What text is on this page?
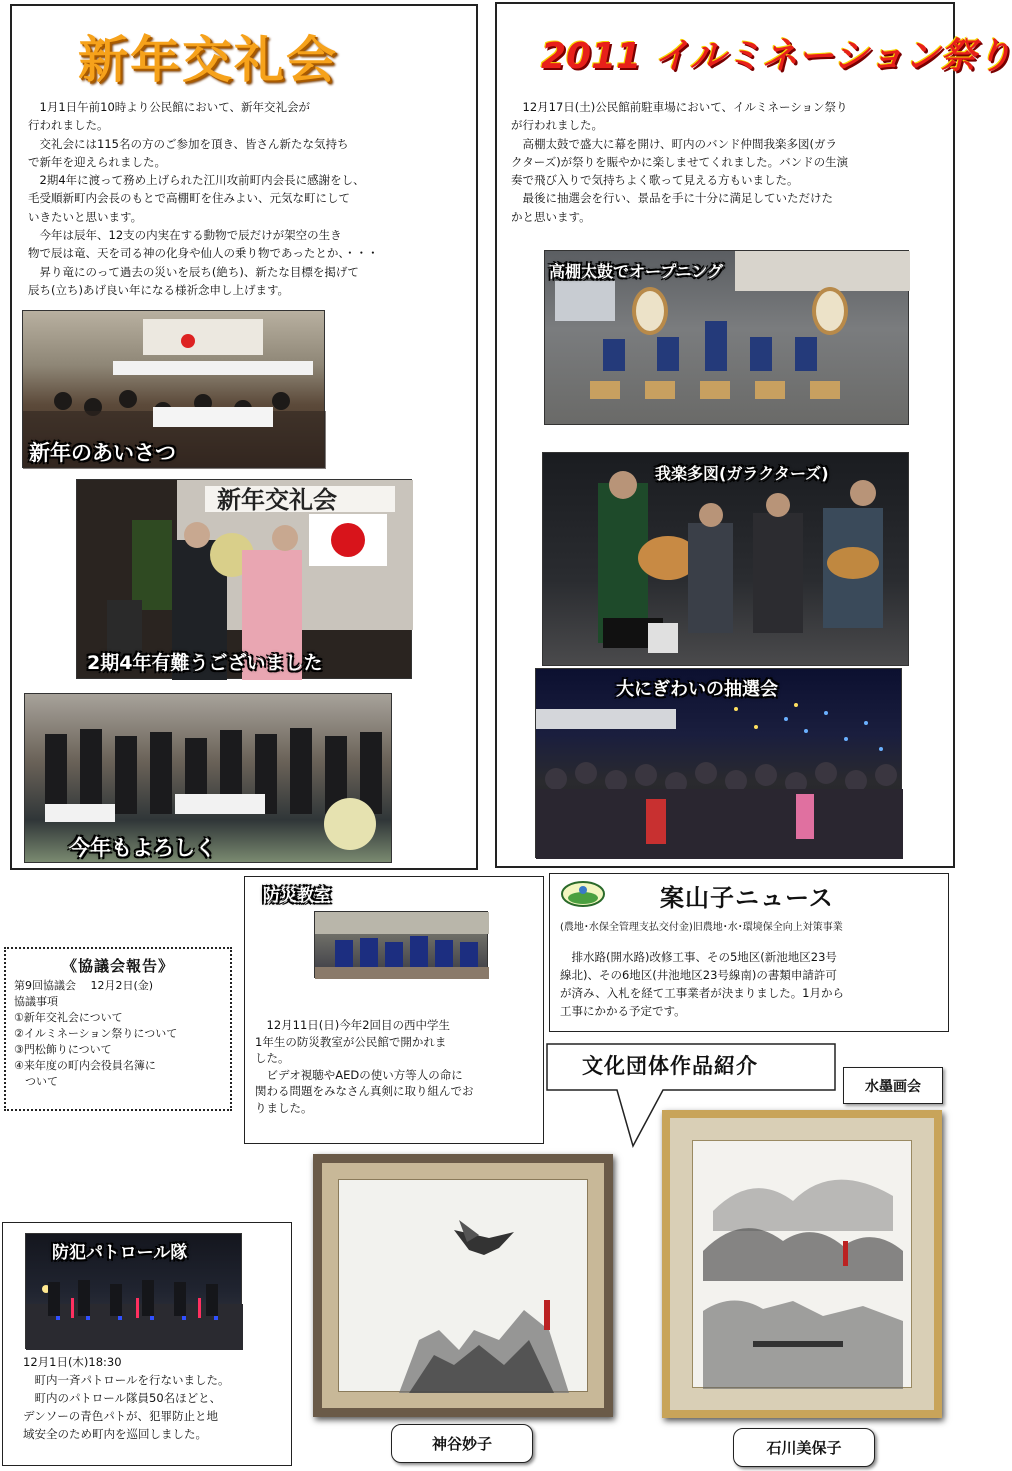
新年交礼会
　1月1日午前10時より公民館において、新年交礼会が
行われました。
　交礼会には115名の方のご参加を頂き、皆さん新たな気持ち
で新年を迎えられました。
　2期4年に渡って務め上げられた江川攻前町内会長に感謝をし、
毛受順新町内会長のもとで高棚町を住みよい、元気な町にして
いきたいと思います。
　今年は辰年、12支の内実在する動物で辰だけが架空の生き
物で辰は竜、天を司る神の化身や仙人の乗り物であったとか、・・・
　昇り竜にのって過去の災いを辰ち(絶ち)、新たな目標を掲げて
辰ち(立ち)あげ良い年になる様祈念申し上げます。
新年のあいさつ
新年交礼会
2期4年有難うございました
今年もよろしく
2011 イルミネーション祭り
　12月17日(土)公民館前駐車場において、イルミネーション祭り
が行われました。
　高棚太鼓で盛大に幕を開け、町内のバンド仲間我楽多図(ガラ
クターズ)が祭りを賑やかに楽しませてくれました。バンドの生演
奏で飛び入りで気持ちよく歌って見える方もいました。
　最後に抽選会を行い、景品を手に十分に満足していただけた
かと思います。
高棚太鼓でオープニング
我楽多図(ガラクターズ)
大にぎわいの抽選会
《協議会報告》
第9回協議会　 12月2日(金)
協議事項
①新年交礼会について
②イルミネーション祭りについて
③門松飾りについて
④来年度の町内会役員名簿に
　ついて
防災教室
　12月11日(日)今年2回目の西中学生
1年生の防災教室が公民館で開かれま
した。
　ビデオ視聴やAEDの使い方等人の命に
関わる問題をみなさん真剣に取り組んでお
りました。
案山子ニュース
(農地･水保全管理支払交付金)旧農地･水･環境保全向上対策事業
　排水路(開水路)改修工事、その5地区(新池地区23号
線北)、その6地区(井池地区23号線南)の書類申請許可
が済み、入札を経て工事業者が決まりました。1月から
工事にかかる予定です。
文化団体作品紹介
水墨画会
神谷妙子	石川美保子
防犯パトロール隊
12月1日(木)18:30
　町内一斉パトロールを行ないました。
　町内のパトロール隊員50名ほどと、
デンソーの青色パトが、犯罪防止と地
域安全のため町内を巡回しました。
